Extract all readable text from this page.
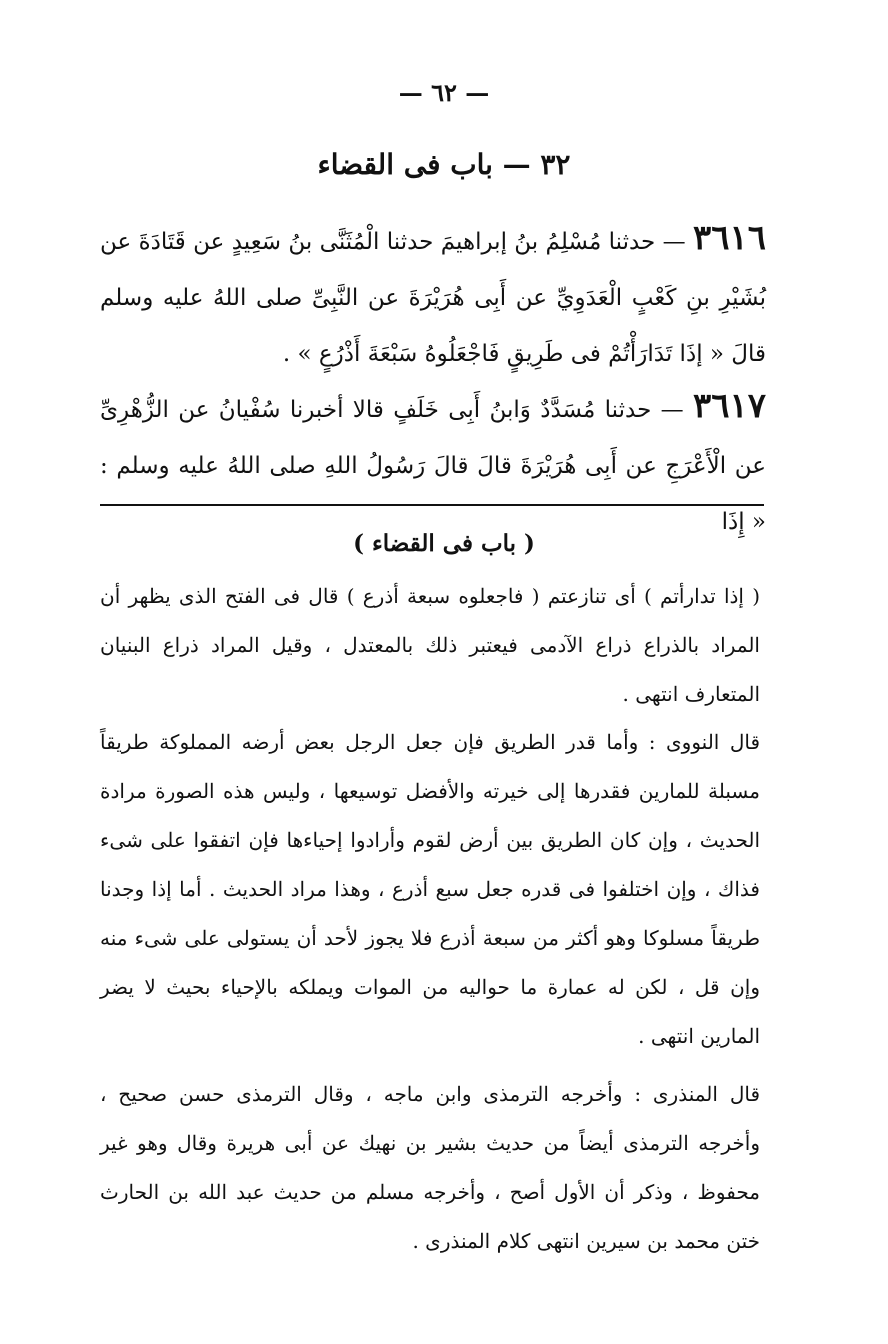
— ٦٢ —
٣٢ — باب فى القضاء
٣٦١٦ — حدثنا مُسْلِمُ بنُ إبراهيمَ حدثنا الْمُثَنَّى بنُ سَعِيدٍ عن قَتَادَةَ عن بُشَيْرِ بنِ كَعْبٍ الْعَدَوِيِّ عن أَبِى هُرَيْرَةَ عن النَّبِىِّ صلى اللهُ عليه وسلم قالَ « إذَا تَدَارَأْتُمْ فى طَرِيقٍ فَاجْعَلُوهُ سَبْعَةَ أَذْرُعٍ » .
٣٦١٧ — حدثنا مُسَدَّدٌ وَابنُ أَبِى خَلَفٍ قالا أخبرنا سُفْيانُ عن الزُّهْرِىِّ عن الْأَعْرَجِ عن أَبِى هُرَيْرَةَ قالَ قالَ رَسُولُ اللهِ صلى اللهُ عليه وسلم : « إِذَا
( باب فى القضاء )
( إذا تدارأتم ) أى تنازعتم ( فاجعلوه سبعة أذرع ) قال فى الفتح الذى يظهر أن المراد بالذراع ذراع الآدمى فيعتبر ذلك بالمعتدل ، وقيل المراد ذراع البنيان المتعارف انتهى .
قال النووى : وأما قدر الطريق فإن جعل الرجل بعض أرضه المملوكة طريقاً مسبلة للمارين فقدرها إلى خيرته والأفضل توسيعها ، وليس هذه الصورة مرادة الحديث ، وإن كان الطريق بين أرض لقوم وأرادوا إحياءها فإن اتفقوا على شىء فذاك ، وإن اختلفوا فى قدره جعل سبع أذرع ، وهذا مراد الحديث . أما إذا وجدنا طريقاً مسلوكا وهو أكثر من سبعة أذرع فلا يجوز لأحد أن يستولى على شىء منه وإن قل ، لكن له عمارة ما حواليه من الموات ويملكه بالإحياء بحيث لا يضر المارين انتهى .
قال المنذرى : وأخرجه الترمذى وابن ماجه ، وقال الترمذى حسن صحيح ، وأخرجه الترمذى أيضاً من حديث بشير بن نهيك عن أبى هريرة وقال وهو غير محفوظ ، وذكر أن الأول أصح ، وأخرجه مسلم من حديث عبد الله بن الحارث ختن محمد بن سيرين انتهى كلام المنذرى .
